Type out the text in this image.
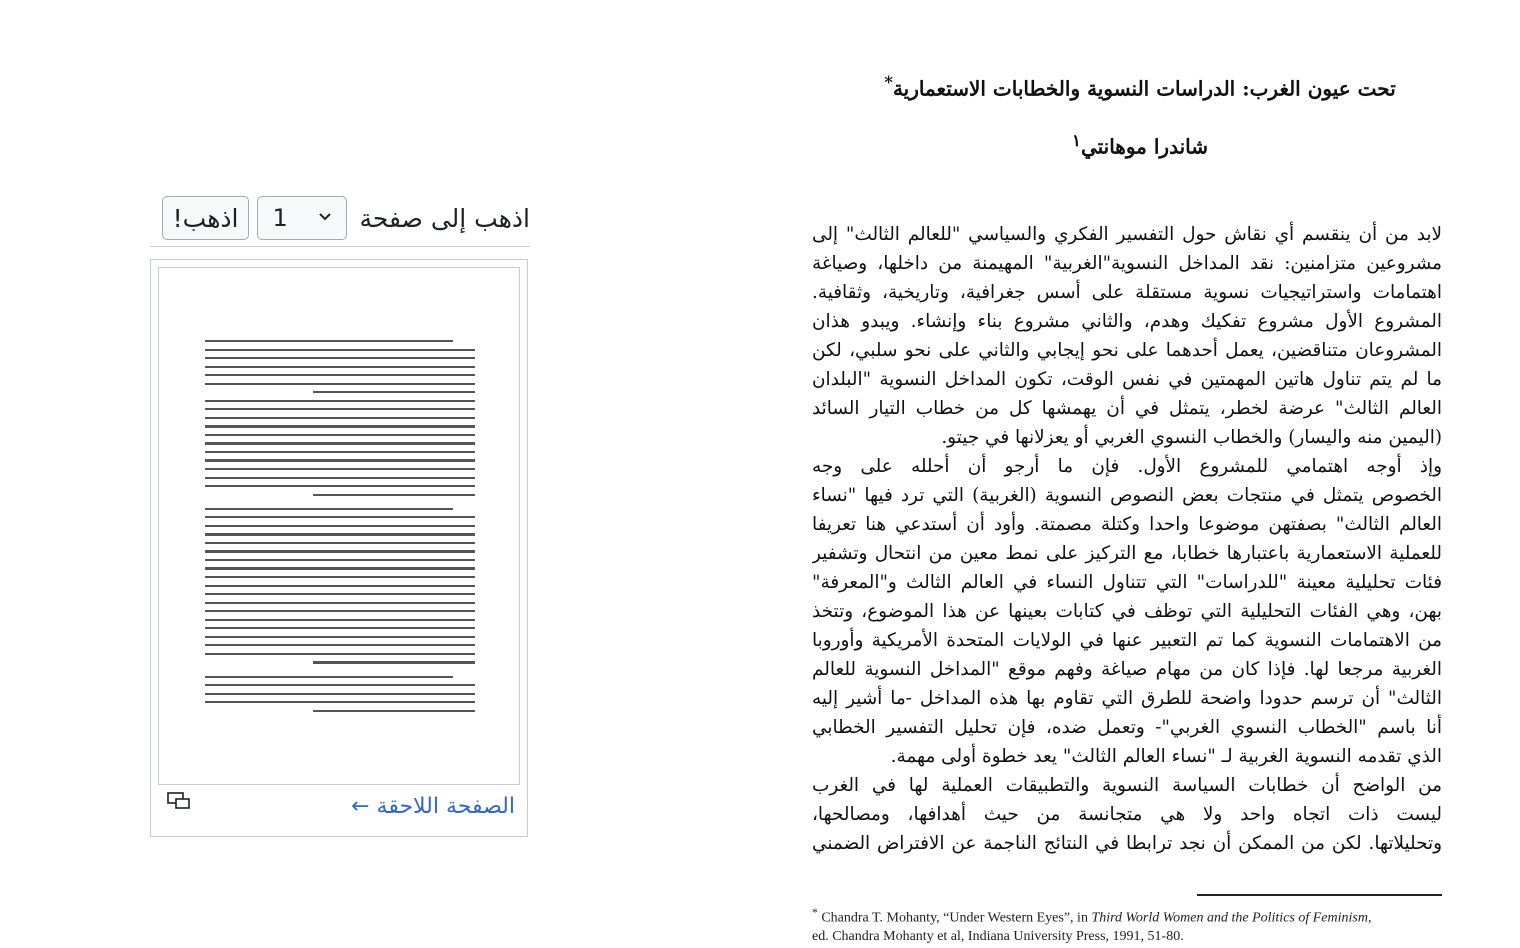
اذهب إلى صفحة
1
اذهب!
الصفحة اللاحقة ←
تحت عيون الغرب: الدراسات النسوية والخطابات الاستعمارية*
شاندرا موهانتي$^١$
لابد من أن ينقسم أي نقاش حول التفسير الفكري والسياسي "للعالم الثالث" إلى
مشروعين متزامنين: نقد المداخل النسوية"الغربية" المهيمنة من داخلها، وصياغة
اهتمامات واستراتيجيات نسوية مستقلة على أسس جغرافية، وتاريخية، وثقافية.
المشروع الأول مشروع تفكيك وهدم، والثاني مشروع بناء وإنشاء. ويبدو هذان
المشروعان متناقضين، يعمل أحدهما على نحو إيجابي والثاني على نحو سلبي، لكن
ما لم يتم تناول هاتين المهمتين في نفس الوقت، تكون المداخل النسوية "البلدان
العالم الثالث" عرضة لخطر، يتمثل في أن يهمشها كل من خطاب التيار السائد
(اليمين منه واليسار) والخطاب النسوي الغربي أو يعزلانها في جيتو.
وإذ أوجه اهتمامي للمشروع الأول. فإن ما أرجو أن أحلله على وجه
الخصوص يتمثل في منتجات بعض النصوص النسوية (الغربية) التي ترد فيها "نساء
العالم الثالث" بصفتهن موضوعا واحدا وكتلة مصمتة. وأود أن أستدعي هنا تعريفا
للعملية الاستعمارية باعتبارها خطابا، مع التركيز على نمط معين من انتحال وتشفير
فئات تحليلية معينة "للدراسات" التي تتناول النساء في العالم الثالث و"المعرفة"
بهن، وهي الفئات التحليلية التي توظف في كتابات بعينها عن هذا الموضوع، وتتخذ
من الاهتمامات النسوية كما تم التعبير عنها في الولايات المتحدة الأمريكية وأوروبا
الغربية مرجعا لها. فإذا كان من مهام صياغة وفهم موقع "المداخل النسوية للعالم
الثالث" أن ترسم حدودا واضحة للطرق التي تقاوم بها هذه المداخل -ما أشير إليه
أنا باسم "الخطاب النسوي الغربي"- وتعمل ضده، فإن تحليل التفسير الخطابي
الذي تقدمه النسوية الغربية لـ "نساء العالم الثالث" يعد خطوة أولى مهمة.
من الواضح أن خطابات السياسة النسوية والتطبيقات العملية لها في الغرب
ليست ذات اتجاه واحد ولا هي متجانسة من حيث أهدافها، ومصالحها،
وتحليلاتها. لكن من الممكن أن نجد ترابطا في النتائج الناجمة عن الافتراض الضمني
* Chandra T. Mohanty, “Under Western Eyes”, in Third World Women and the Politics of Feminism,
ed. Chandra Mohanty et al, Indiana University Press, 1991, 51-80.
